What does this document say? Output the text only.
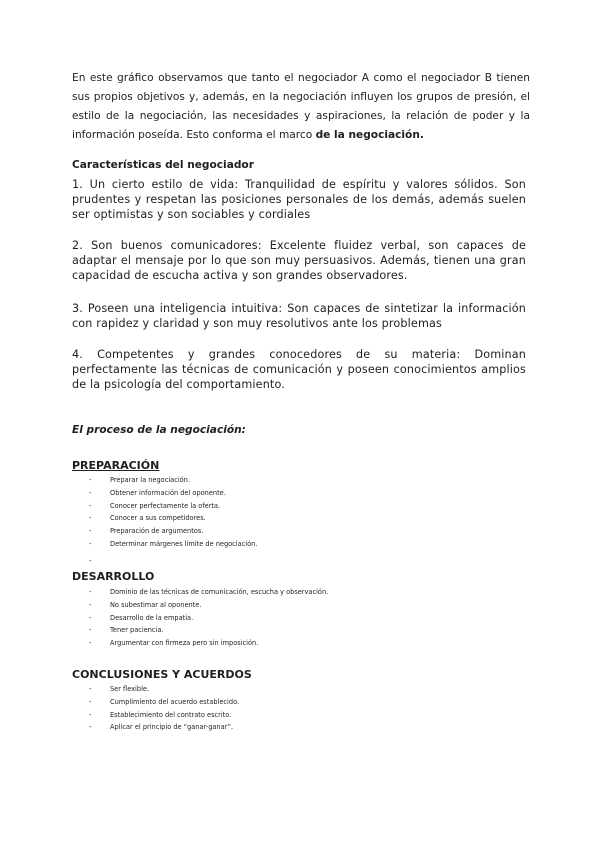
En este gráfico observamos que tanto el negociador A como el negociador B tienen sus propios objetivos y, además, en la negociación influyen los grupos de presión, el estilo de la negociación, las necesidades y aspiraciones, la relación de poder y la información poseída. Esto conforma el marco de la negociación.

Características del negociador

1. Un cierto estilo de vida: Tranquilidad de espíritu y valores sólidos. Son prudentes y respetan las posiciones personales de los demás, además suelen ser optimistas y son sociables y cordiales

2. Son buenos comunicadores: Excelente fluidez verbal, son capaces de adaptar el mensaje por lo que son muy persuasivos. Además, tienen una gran capacidad de escucha activa y son grandes observadores.

3. Poseen una inteligencia intuitiva: Son capaces de sintetizar la información con rapidez y claridad y son muy resolutivos ante los problemas

4. Competentes y grandes conocedores de su materia: Dominan perfectamente las técnicas de comunicación y poseen conocimientos amplios de la psicología del comportamiento.

El proceso de la negociación:

PREPARACIÓN

- Preparar la negociación.
- Obtener información del oponente.
- Conocer perfectamente la oferta.
- Conocer a sus competidores.
- Preparación de argumentos.
- Determinar márgenes límite de negociación.
-

DESARROLLO

- Dominio de las técnicas de comunicación, escucha y observación.
- No subestimar al oponente.
- Desarrollo de la empatía.
- Tener paciencia.
- Argumentar con firmeza pero sin imposición.

CONCLUSIONES Y ACUERDOS

- Ser flexible.
- Cumplimiento del acuerdo establecido.
- Establecimiento del contrato escrito.
- Aplicar el principio de “ganar-ganar”.
